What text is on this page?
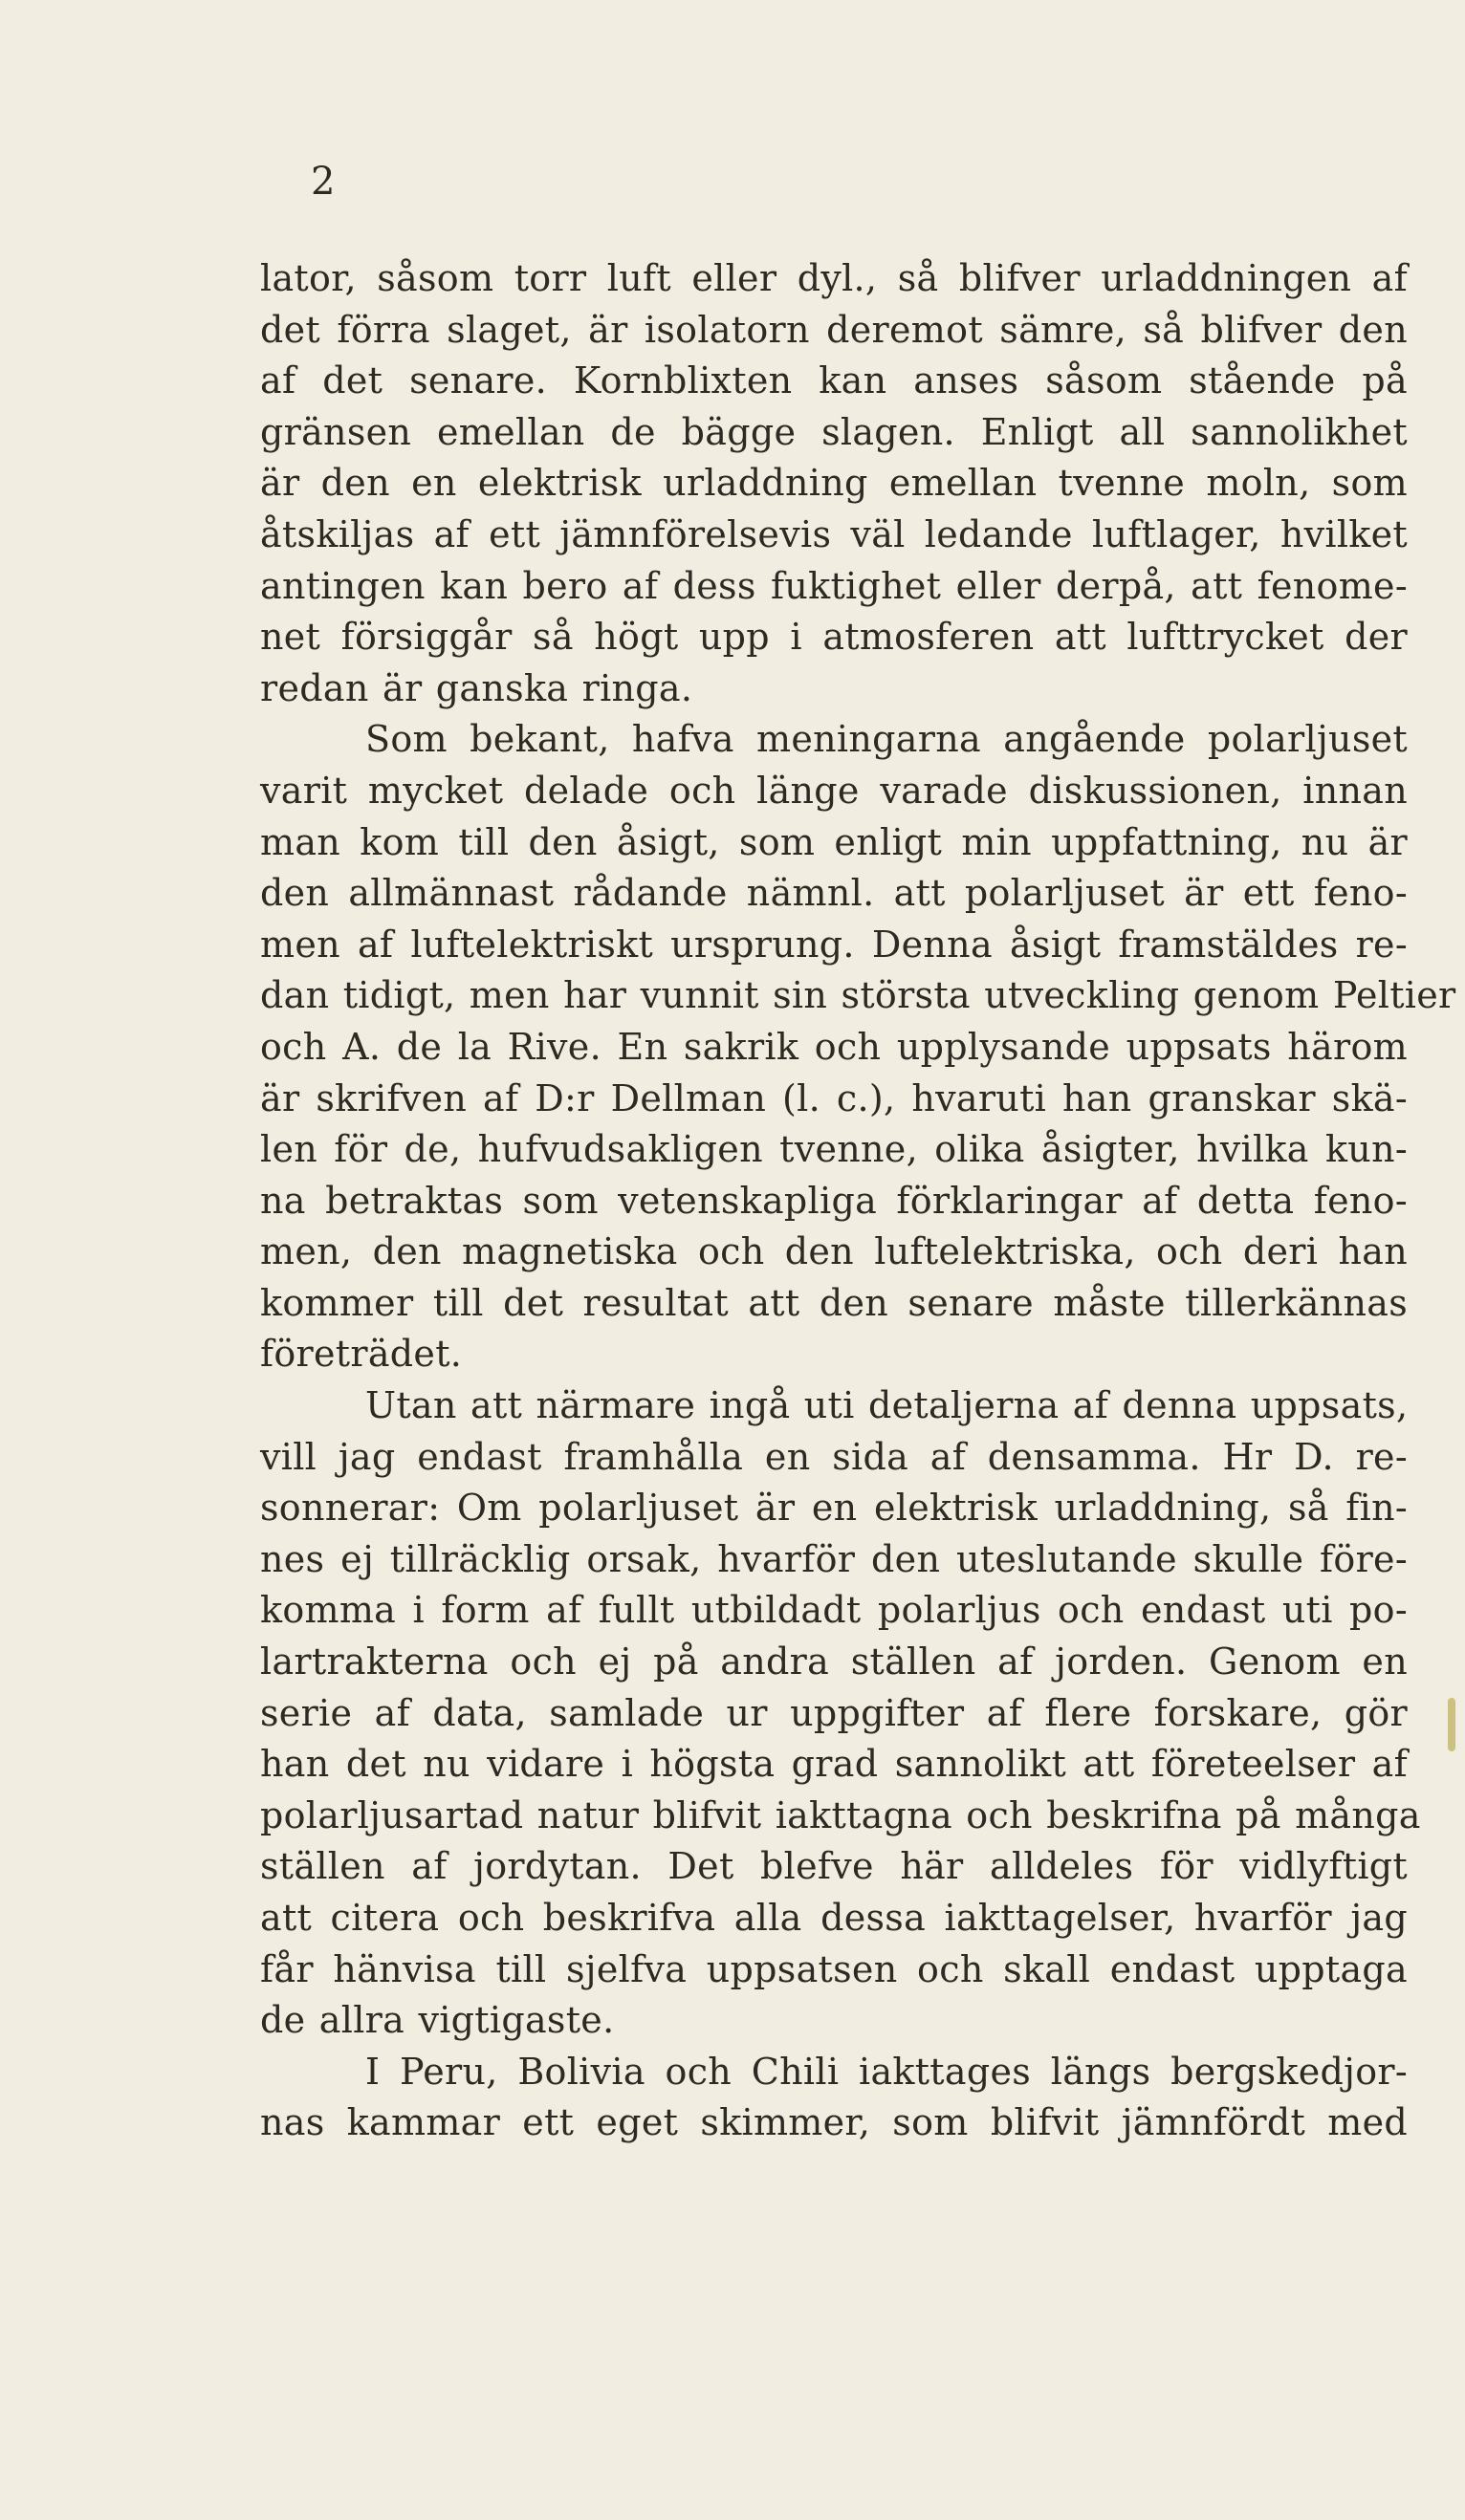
2
lator, såsom torr luft eller dyl., så blifver urladdningen af
det förra slaget, är isolatorn deremot sämre, så blifver den
af det senare. Kornblixten kan anses såsom stående på
gränsen emellan de bägge slagen. Enligt all sannolikhet
är den en elektrisk urladdning emellan tvenne moln, som
åtskiljas af ett jämnförelsevis väl ledande luftlager, hvilket
antingen kan bero af dess fuktighet eller derpå, att fenome-
net försiggår så högt upp i atmosferen att lufttrycket der
redan är ganska ringa.
Som bekant, hafva meningarna angående polarljuset
varit mycket delade och länge varade diskussionen, innan
man kom till den åsigt, som enligt min uppfattning, nu är
den allmännast rådande nämnl. att polarljuset är ett feno-
men af luftelektriskt ursprung. Denna åsigt framstäldes re-
dan tidigt, men har vunnit sin största utveckling genom Peltier
och A. de la Rive. En sakrik och upplysande uppsats härom
är skrifven af D:r Dellman (l. c.), hvaruti han granskar skä-
len för de, hufvudsakligen tvenne, olika åsigter, hvilka kun-
na betraktas som vetenskapliga förklaringar af detta feno-
men, den magnetiska och den luftelektriska, och deri han
kommer till det resultat att den senare måste tillerkännas
företrädet.
Utan att närmare ingå uti detaljerna af denna uppsats,
vill jag endast framhålla en sida af densamma. Hr D. re-
sonnerar: Om polarljuset är en elektrisk urladdning, så fin-
nes ej tillräcklig orsak, hvarför den uteslutande skulle före-
komma i form af fullt utbildadt polarljus och endast uti po-
lartrakterna och ej på andra ställen af jorden. Genom en
serie af data, samlade ur uppgifter af flere forskare, gör
han det nu vidare i högsta grad sannolikt att företeelser af
polarljusartad natur blifvit iakttagna och beskrifna på många
ställen af jordytan. Det blefve här alldeles för vidlyftigt
att citera och beskrifva alla dessa iakttagelser, hvarför jag
får hänvisa till sjelfva uppsatsen och skall endast upptaga
de allra vigtigaste.
I Peru, Bolivia och Chili iakttages längs bergskedjor-
nas kammar ett eget skimmer, som blifvit jämnfördt med
